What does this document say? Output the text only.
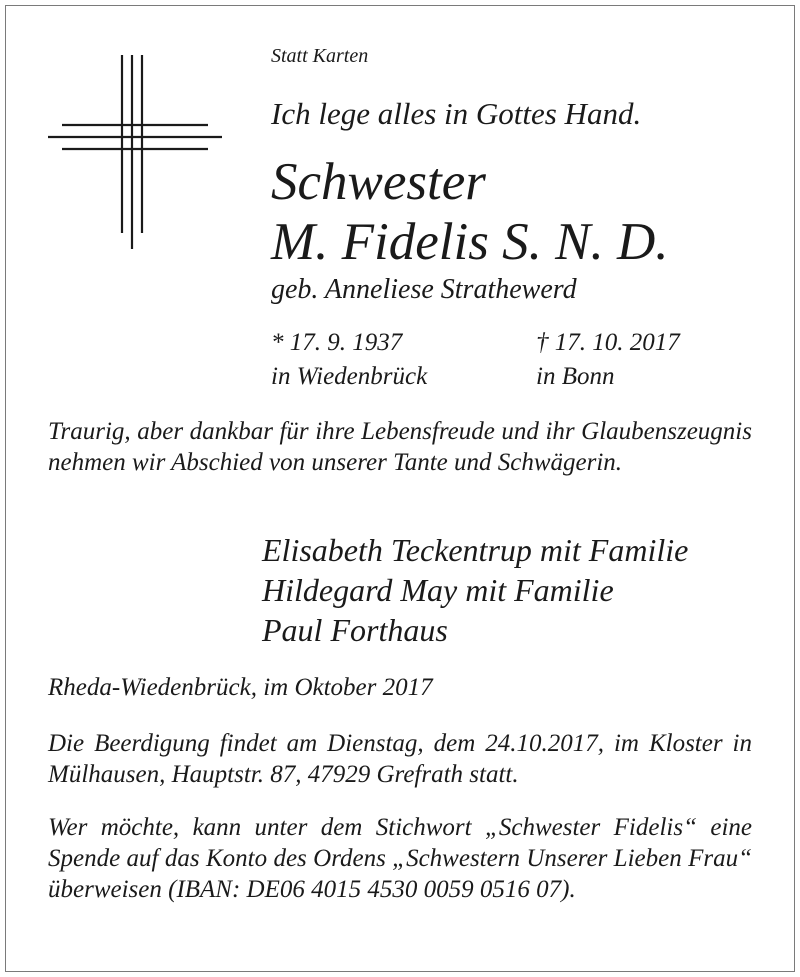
Statt Karten
Ich lege alles in Gottes Hand.
Schwester
M. Fidelis S. N. D.
geb. Anneliese Strathewerd
* 17. 9. 1937
in Wiedenbrück
† 17. 10. 2017
in Bonn
Traurig, aber dankbar für ihre Lebensfreude und ihr Glaubenszeugnis nehmen wir Abschied von unserer Tante und Schwägerin.
Elisabeth Teckentrup mit Familie
Hildegard May mit Familie
Paul Forthaus
Rheda-Wiedenbrück, im Oktober 2017
Die Beerdigung findet am Dienstag, dem 24.10.2017, im Kloster in Mülhausen, Hauptstr. 87, 47929 Grefrath statt.
Wer möchte, kann unter dem Stichwort „Schwester Fidelis“ eine Spende auf das Konto des Ordens „Schwestern Unserer Lieben Frau“ überweisen (IBAN: DE06 4015 4530 0059 0516 07).
